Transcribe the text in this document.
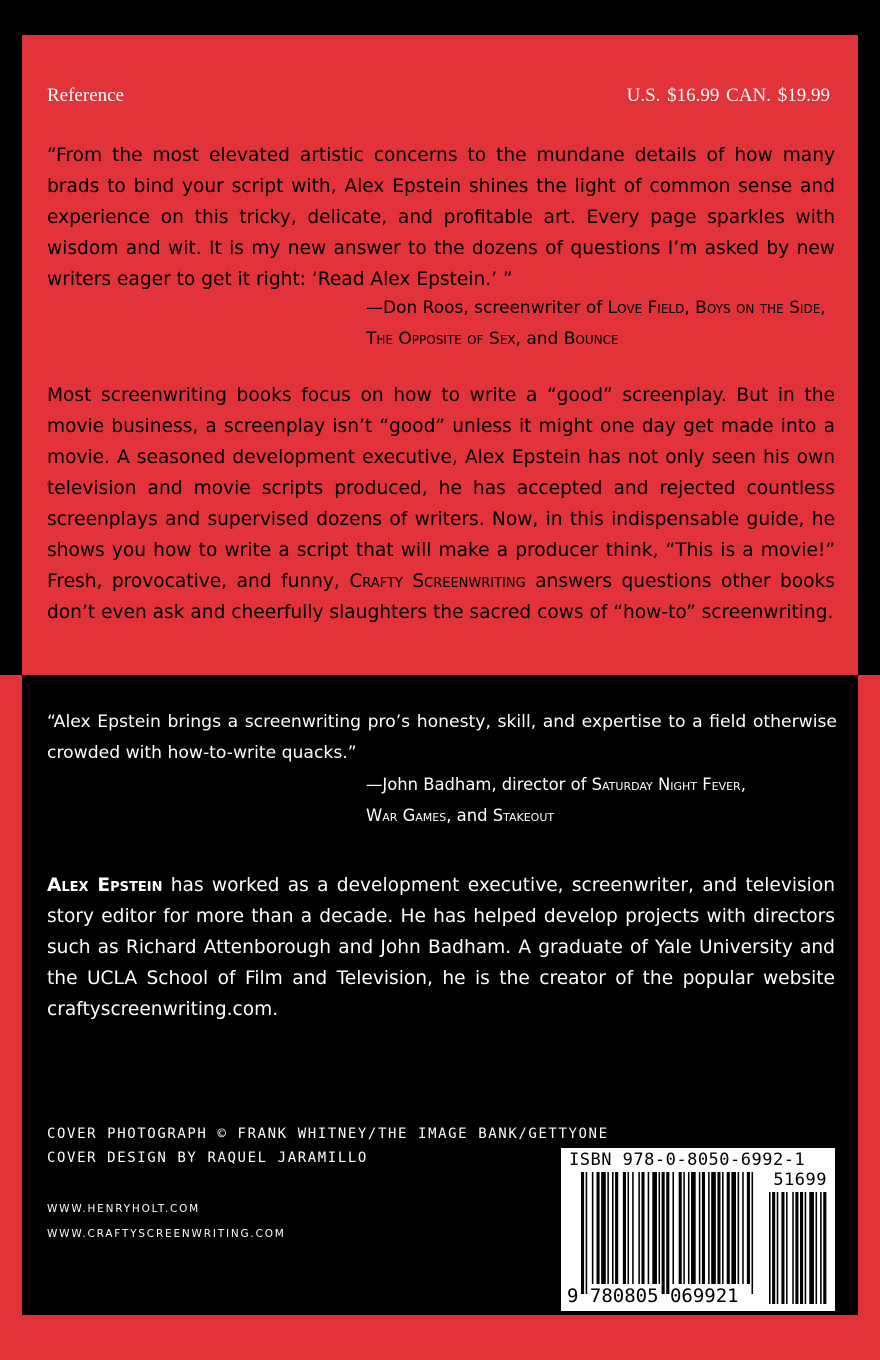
Reference	U.S. $16.99 CAN. $19.99
“From the most elevated artistic concerns to the mundane details of how many brads to bind your script with, Alex Epstein shines the light of common sense and experience on this tricky, delicate, and profitable art. Every page sparkles with wisdom and wit. It is my new answer to the dozens of questions I’m asked by new writers eager to get it right: ‘Read Alex Epstein.’ ”
—Don Roos, screenwriter of Love Field, Boys on the Side, The Opposite of Sex, and Bounce
Most screenwriting books focus on how to write a “good” screenplay. But in the movie business, a screenplay isn’t “good” unless it might one day get made into a movie. A seasoned development executive, Alex Epstein has not only seen his own television and movie scripts produced, he has accepted and rejected countless screenplays and supervised dozens of writers. Now, in this indispensable guide, he shows you how to write a script that will make a producer think, “This is a movie!” Fresh, provocative, and funny, Crafty Screenwriting answers questions other books don’t even ask and cheerfully slaughters the sacred cows of “how-to” screenwriting.
“Alex Epstein brings a screenwriting pro’s honesty, skill, and expertise to a field otherwise crowded with how-to-write quacks.”
—John Badham, director of Saturday Night Fever,
War Games, and Stakeout
Alex Epstein has worked as a development executive, screenwriter, and television story editor for more than a decade. He has helped develop projects with directors such as Richard Attenborough and John Badham. A graduate of Yale University and the UCLA School of Film and Television, he is the creator of the popular website craftyscreenwriting.com.
COVER PHOTOGRAPH © FRANK WHITNEY/THE IMAGE BANK/GETTYONE
COVER DESIGN BY RAQUEL JARAMILLO
WWW.HENRYHOLT.COM
WWW.CRAFTYSCREENWRITING.COM
ISBN 978-0-8050-6992-1
51699
9 780805 069921
